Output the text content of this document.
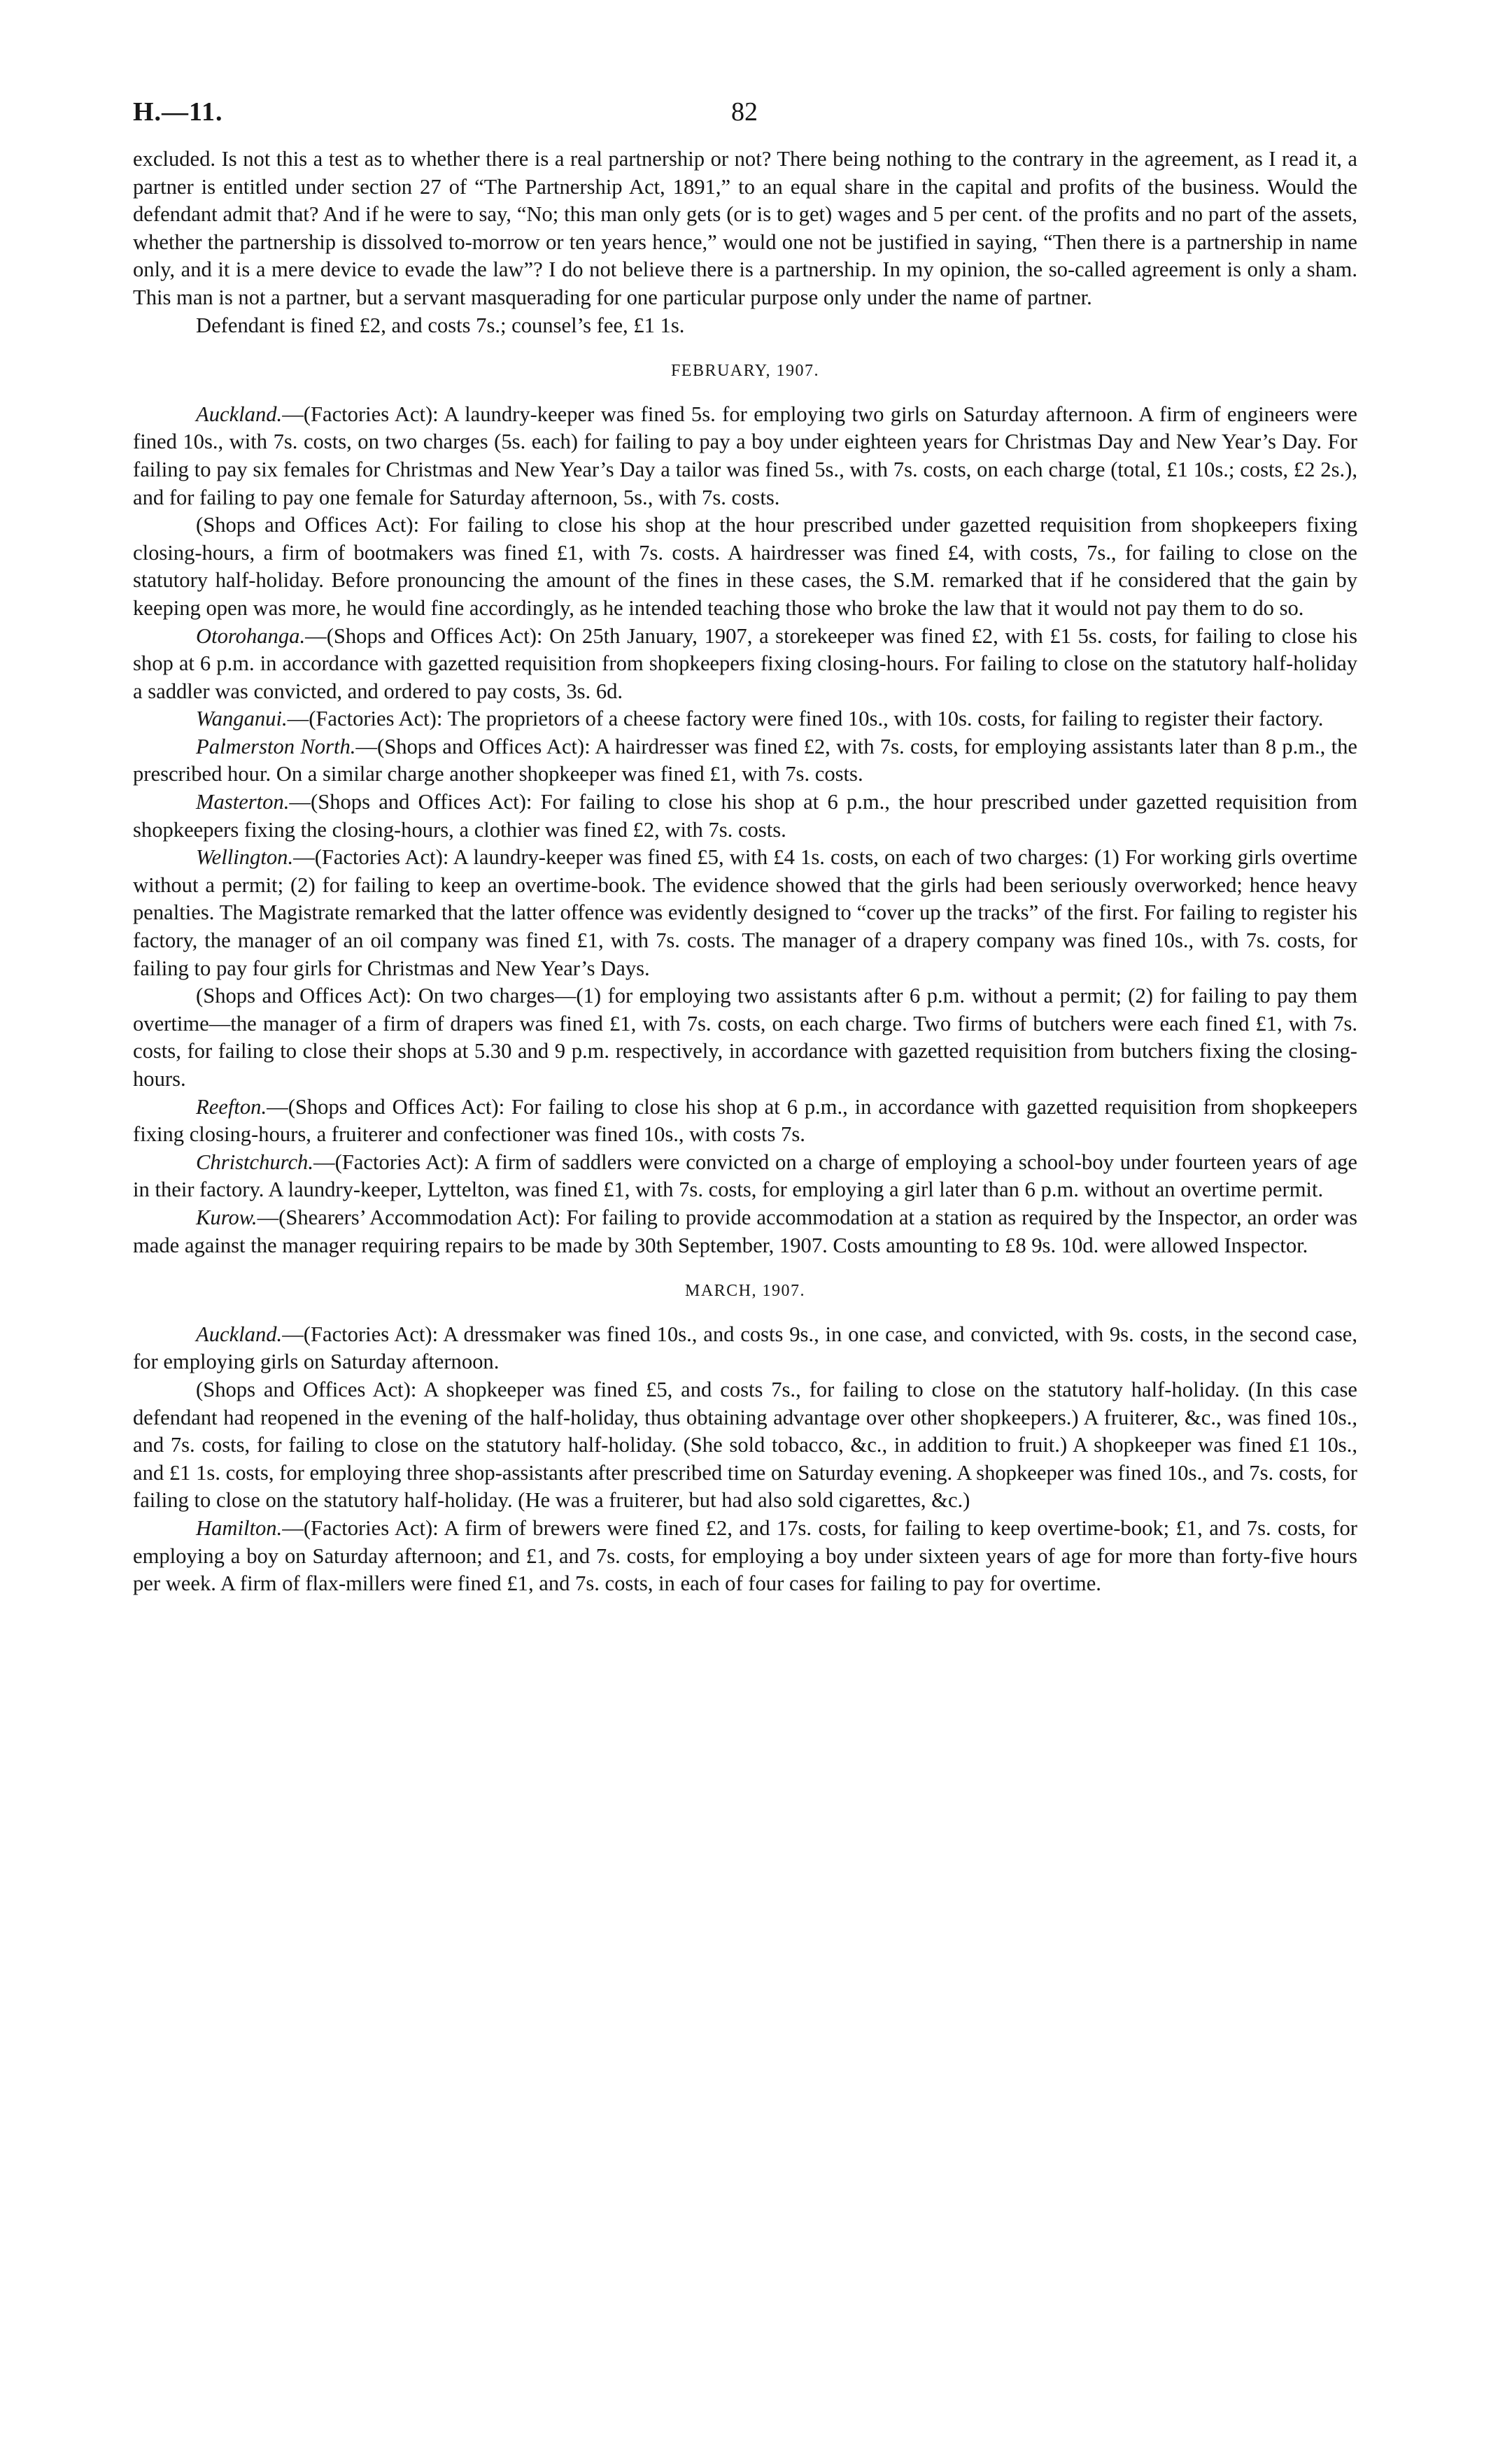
H.—11.	82

excluded. Is not this a test as to whether there is a real partnership or not? There being nothing to the contrary in the agreement, as I read it, a partner is entitled under section 27 of “The Partnership Act, 1891,” to an equal share in the capital and profits of the business. Would the defendant admit that? And if he were to say, “No; this man only gets (or is to get) wages and 5 per cent. of the profits and no part of the assets, whether the partnership is dissolved to-morrow or ten years hence,” would one not be justified in saying, “Then there is a partnership in name only, and it is a mere device to evade the law”? I do not believe there is a partnership. In my opinion, the so-called agreement is only a sham. This man is not a partner, but a servant masquerading for one particular purpose only under the name of partner.

Defendant is fined £2, and costs 7s.; counsel’s fee, £1 1s.

FEBRUARY, 1907.

Auckland.—(Factories Act): A laundry-keeper was fined 5s. for employing two girls on Saturday afternoon. A firm of engineers were fined 10s., with 7s. costs, on two charges (5s. each) for failing to pay a boy under eighteen years for Christmas Day and New Year’s Day. For failing to pay six females for Christmas and New Year’s Day a tailor was fined 5s., with 7s. costs, on each charge (total, £1 10s.; costs, £2 2s.), and for failing to pay one female for Saturday afternoon, 5s., with 7s. costs.

(Shops and Offices Act): For failing to close his shop at the hour prescribed under gazetted requisition from shopkeepers fixing closing-hours, a firm of bootmakers was fined £1, with 7s. costs. A hairdresser was fined £4, with costs, 7s., for failing to close on the statutory half-holiday. Before pronouncing the amount of the fines in these cases, the S.M. remarked that if he considered that the gain by keeping open was more, he would fine accordingly, as he intended teaching those who broke the law that it would not pay them to do so.

Otorohanga.—(Shops and Offices Act): On 25th January, 1907, a storekeeper was fined £2, with £1 5s. costs, for failing to close his shop at 6 p.m. in accordance with gazetted requisition from shopkeepers fixing closing-hours. For failing to close on the statutory half-holiday a saddler was convicted, and ordered to pay costs, 3s. 6d.

Wanganui.—(Factories Act): The proprietors of a cheese factory were fined 10s., with 10s. costs, for failing to register their factory.

Palmerston North.—(Shops and Offices Act): A hairdresser was fined £2, with 7s. costs, for employing assistants later than 8 p.m., the prescribed hour. On a similar charge another shopkeeper was fined £1, with 7s. costs.

Masterton.—(Shops and Offices Act): For failing to close his shop at 6 p.m., the hour prescribed under gazetted requisition from shopkeepers fixing the closing-hours, a clothier was fined £2, with 7s. costs.

Wellington.—(Factories Act): A laundry-keeper was fined £5, with £4 1s. costs, on each of two charges: (1) For working girls overtime without a permit; (2) for failing to keep an overtime-book. The evidence showed that the girls had been seriously overworked; hence heavy penalties. The Magistrate remarked that the latter offence was evidently designed to “cover up the tracks” of the first. For failing to register his factory, the manager of an oil company was fined £1, with 7s. costs. The manager of a drapery company was fined 10s., with 7s. costs, for failing to pay four girls for Christmas and New Year’s Days.

(Shops and Offices Act): On two charges—(1) for employing two assistants after 6 p.m. without a permit; (2) for failing to pay them overtime—the manager of a firm of drapers was fined £1, with 7s. costs, on each charge. Two firms of butchers were each fined £1, with 7s. costs, for failing to close their shops at 5.30 and 9 p.m. respectively, in accordance with gazetted requisition from butchers fixing the closing-hours.

Reefton.—(Shops and Offices Act): For failing to close his shop at 6 p.m., in accordance with gazetted requisition from shopkeepers fixing closing-hours, a fruiterer and confectioner was fined 10s., with costs 7s.

Christchurch.—(Factories Act): A firm of saddlers were convicted on a charge of employing a school-boy under fourteen years of age in their factory. A laundry-keeper, Lyttelton, was fined £1, with 7s. costs, for employing a girl later than 6 p.m. without an overtime permit.

Kurow.—(Shearers’ Accommodation Act): For failing to provide accommodation at a station as required by the Inspector, an order was made against the manager requiring repairs to be made by 30th September, 1907. Costs amounting to £8 9s. 10d. were allowed Inspector.

MARCH, 1907.

Auckland.—(Factories Act): A dressmaker was fined 10s., and costs 9s., in one case, and convicted, with 9s. costs, in the second case, for employing girls on Saturday afternoon.

(Shops and Offices Act): A shopkeeper was fined £5, and costs 7s., for failing to close on the statutory half-holiday. (In this case defendant had reopened in the evening of the half-holiday, thus obtaining advantage over other shopkeepers.) A fruiterer, &c., was fined 10s., and 7s. costs, for failing to close on the statutory half-holiday. (She sold tobacco, &c., in addition to fruit.) A shopkeeper was fined £1 10s., and £1 1s. costs, for employing three shop-assistants after prescribed time on Saturday evening. A shopkeeper was fined 10s., and 7s. costs, for failing to close on the statutory half-holiday. (He was a fruiterer, but had also sold cigarettes, &c.)

Hamilton.—(Factories Act): A firm of brewers were fined £2, and 17s. costs, for failing to keep overtime-book; £1, and 7s. costs, for employing a boy on Saturday afternoon; and £1, and 7s. costs, for employing a boy under sixteen years of age for more than forty-five hours per week. A firm of flax-millers were fined £1, and 7s. costs, in each of four cases for failing to pay for overtime.
